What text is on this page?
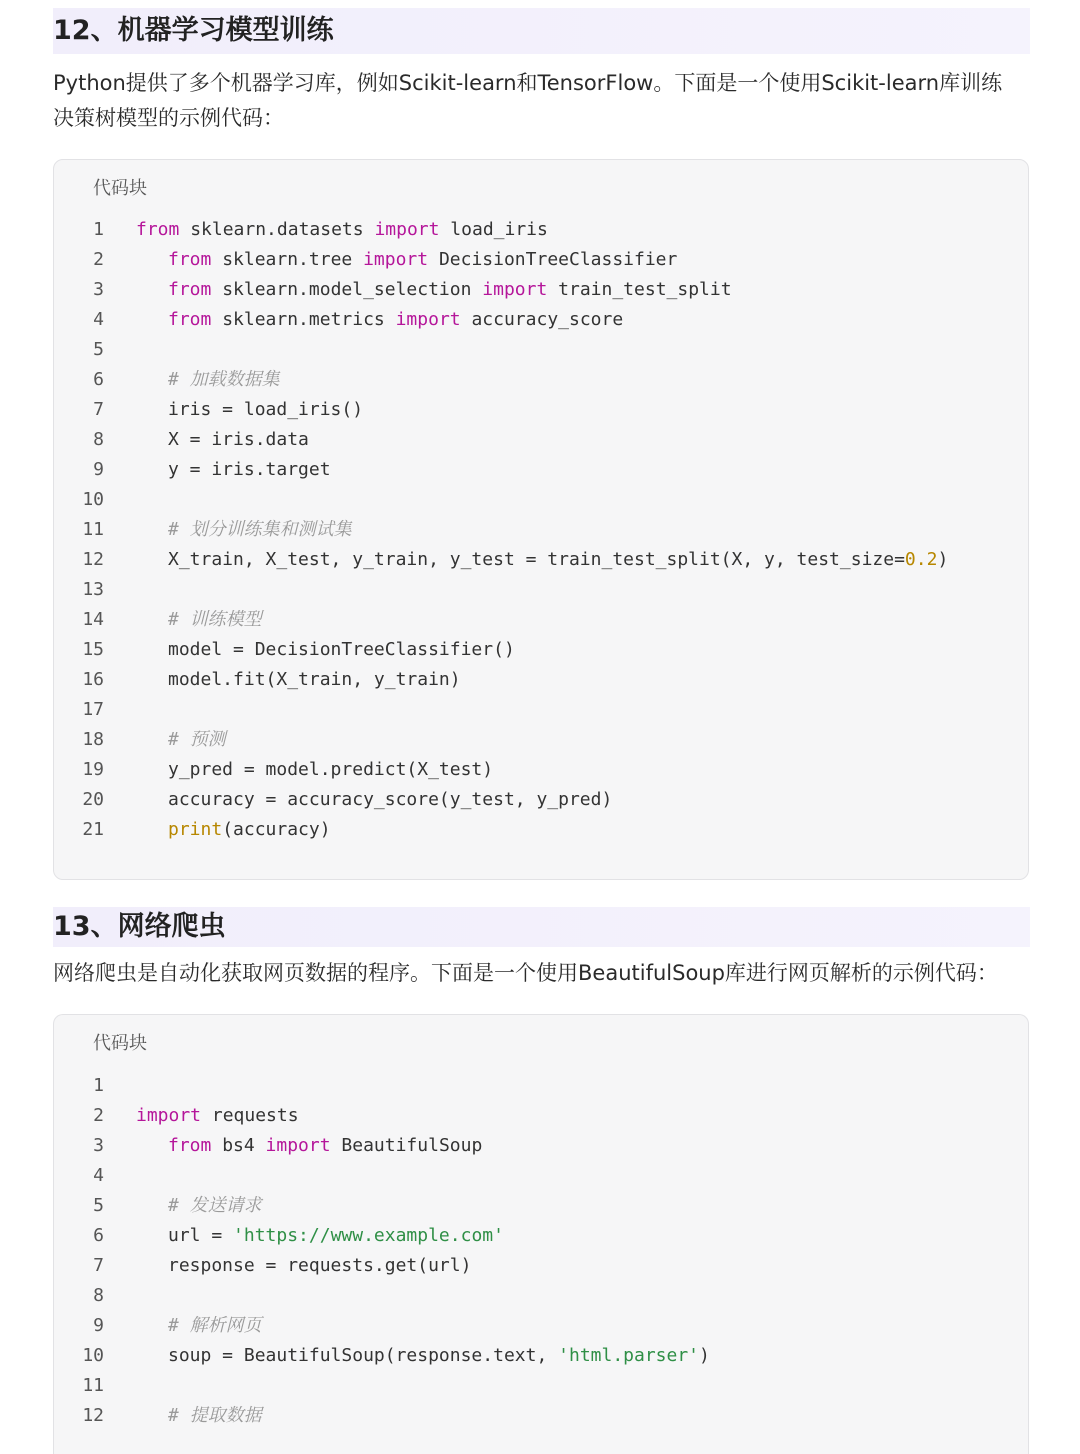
12、机器学习模型训练
Python提供了多个机器学习库，例如Scikit-learn和TensorFlow。下面是一个使用Scikit-learn库训练
决策树模型的示例代码：
代码块
1 from sklearn.datasets import load_iris
2	from sklearn.tree import DecisionTreeClassifier
3	from sklearn.model_selection import train_test_split
4	from sklearn.metrics import accuracy_score
5
6	# 加载数据集
7	iris = load_iris()
8	X = iris.data
9	y = iris.target
10
11	# 划分训练集和测试集
12	X_train, X_test, y_train, y_test = train_test_split(X, y, test_size=0.2)
13
14	# 训练模型
15	model = DecisionTreeClassifier()
16	model.fit(X_train, y_train)
17
18	# 预测
19	y_pred = model.predict(X_test)
20	accuracy = accuracy_score(y_test, y_pred)
21	print(accuracy)
13、网络爬虫
网络爬虫是自动化获取网页数据的程序。下面是一个使用BeautifulSoup库进行网页解析的示例代码：
代码块
1
2 import requests
3	from bs4 import BeautifulSoup
4
5	# 发送请求
6	url = 'https://www.example.com'
7	response = requests.get(url)
8
9	# 解析网页
10	soup = BeautifulSoup(response.text, 'html.parser')
11
12	# 提取数据
